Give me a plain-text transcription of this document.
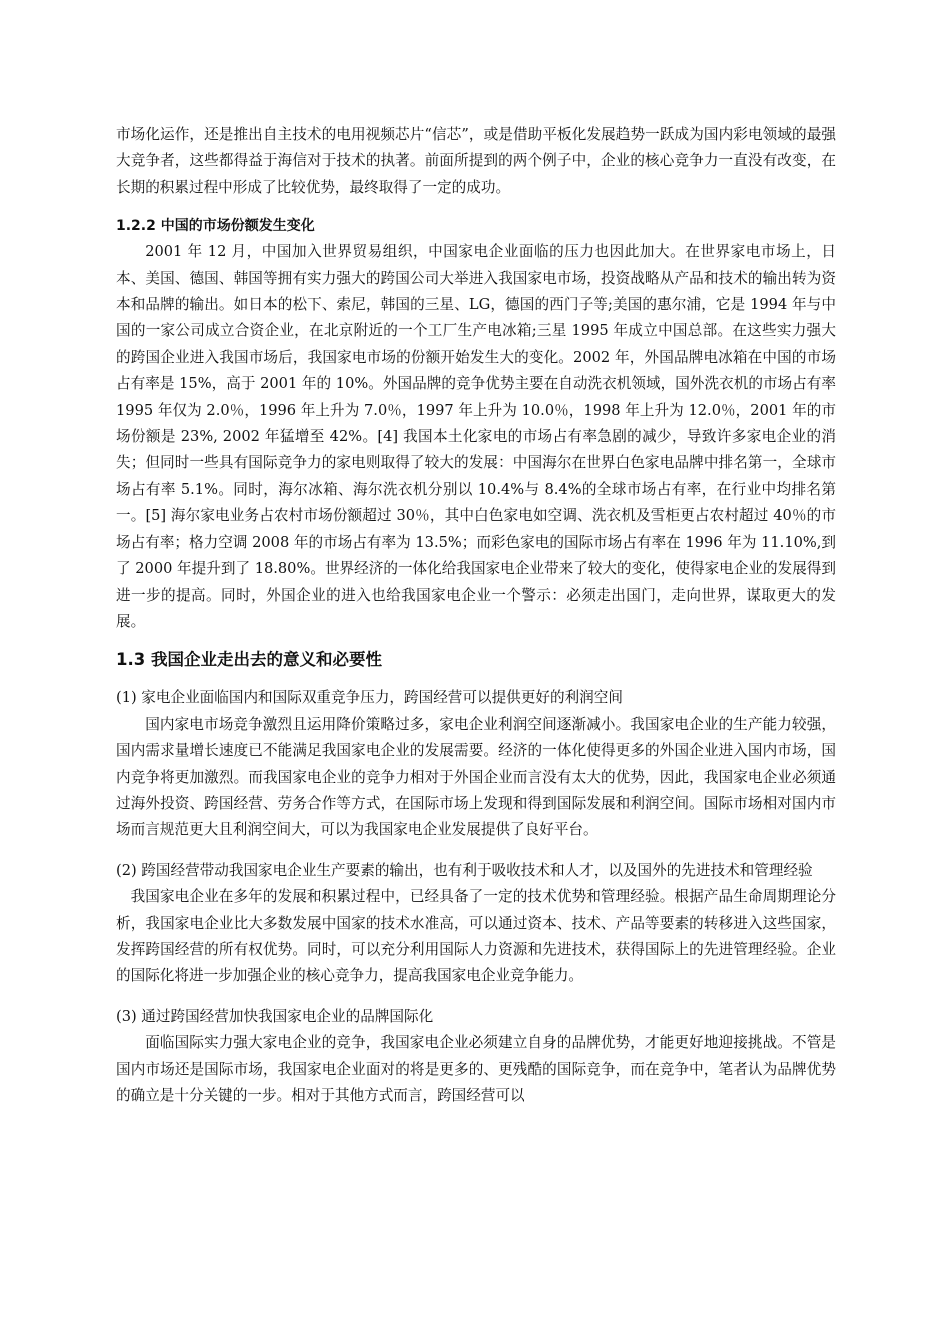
市场化运作，还是推出自主技术的电用视频芯片“信芯”，或是借助平板化发展趋势一跃成为国内彩电领域的最强大竞争者，这些都得益于海信对于技术的执著。前面所提到的两个例子中，企业的核心竞争力一直没有改变，在长期的积累过程中形成了比较优势，最终取得了一定的成功。

1.2.2 中国的市场份额发生变化

2001 年 12 月，中国加入世界贸易组织，中国家电企业面临的压力也因此加大。在世界家电市场上，日本、美国、德国、韩国等拥有实力强大的跨国公司大举进入我国家电市场，投资战略从产品和技术的输出转为资本和品牌的输出。如日本的松下、索尼，韩国的三星、LG，德国的西门子等;美国的惠尔浦，它是 1994 年与中国的一家公司成立合资企业，在北京附近的一个工厂生产电冰箱;三星 1995 年成立中国总部。在这些实力强大的跨国企业进入我国市场后，我国家电市场的份额开始发生大的变化。2002 年，外国品牌电冰箱在中国的市场占有率是 15%，高于 2001 年的 10%。外国品牌的竞争优势主要在自动洗衣机领域，国外洗衣机的市场占有率 1995 年仅为 2.0％，1996 年上升为 7.0％，1997 年上升为 10.0％，1998 年上升为 12.0％，2001 年的市场份额是 23%, 2002 年猛增至 42%。[4] 我国本土化家电的市场占有率急剧的减少，导致许多家电企业的消失；但同时一些具有国际竞争力的家电则取得了较大的发展：中国海尔在世界白色家电品牌中排名第一，全球市场占有率 5.1%。同时，海尔冰箱、海尔洗衣机分别以 10.4%与 8.4%的全球市场占有率，在行业中均排名第一。[5] 海尔家电业务占农村市场份额超过 30％，其中白色家电如空调、洗衣机及雪柜更占农村超过 40％的市场占有率；格力空调 2008 年的市场占有率为 13.5%；而彩色家电的国际市场占有率在 1996 年为 11.10%,到了 2000 年提升到了 18.80%。世界经济的一体化给我国家电企业带来了较大的变化，使得家电企业的发展得到进一步的提高。同时，外国企业的进入也给我国家电企业一个警示：必须走出国门，走向世界，谋取更大的发展。

1.3 我国企业走出去的意义和必要性

(1) 家电企业面临国内和国际双重竞争压力，跨国经营可以提供更好的利润空间

国内家电市场竞争激烈且运用降价策略过多，家电企业利润空间逐渐减小。我国家电企业的生产能力较强，国内需求量增长速度已不能满足我国家电企业的发展需要。经济的一体化使得更多的外国企业进入国内市场，国内竞争将更加激烈。而我国家电企业的竞争力相对于外国企业而言没有太大的优势，因此，我国家电企业必须通过海外投资、跨国经营、劳务合作等方式，在国际市场上发现和得到国际发展和利润空间。国际市场相对国内市场而言规范更大且利润空间大，可以为我国家电企业发展提供了良好平台。

(2) 跨国经营带动我国家电企业生产要素的输出，也有利于吸收技术和人才，以及国外的先进技术和管理经验

我国家电企业在多年的发展和积累过程中，已经具备了一定的技术优势和管理经验。根据产品生命周期理论分析，我国家电企业比大多数发展中国家的技术水准高，可以通过资本、技术、产品等要素的转移进入这些国家，发挥跨国经营的所有权优势。同时，可以充分利用国际人力资源和先进技术，获得国际上的先进管理经验。企业的国际化将进一步加强企业的核心竞争力，提高我国家电企业竞争能力。

(3) 通过跨国经营加快我国家电企业的品牌国际化

面临国际实力强大家电企业的竞争，我国家电企业必须建立自身的品牌优势，才能更好地迎接挑战。不管是国内市场还是国际市场，我国家电企业面对的将是更多的、更残酷的国际竞争，而在竞争中，笔者认为品牌优势的确立是十分关键的一步。相对于其他方式而言，跨国经营可以
